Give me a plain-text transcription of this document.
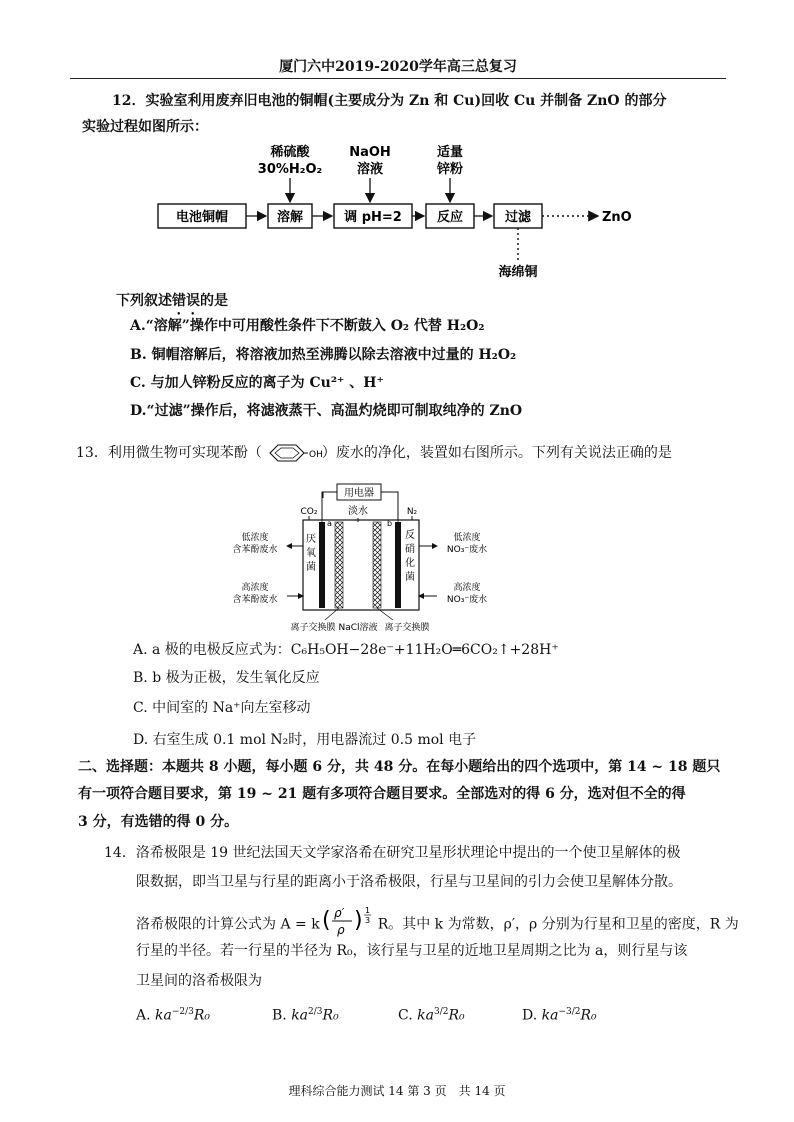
厦门六中2019-2020学年高三总复习
12．实验室利用废弃旧电池的铜帽(主要成分为 Zn 和 Cu)回收 Cu 并制备 ZnO 的部分
实验过程如图所示：
稀硫酸
30%H₂O₂
NaOH
溶液
适量
锌粉
电池铜帽	溶解	调 pH=2	反应	过滤	ZnO
海绵铜
下列叙述错误的是
A.“溶解”操作中可用酸性条件下不断鼓入 O₂ 代替 H₂O₂
B. 铜帽溶解后，将溶液加热至沸腾以除去溶液中过量的 H₂O₂
C. 与加人锌粉反应的离子为 Cu²⁺ 、H⁺
D.“过滤”操作后，将滤液蒸干、高温灼烧即可制取纯净的 ZnO
13．利用微生物可实现苯酚（	OH ）废水的净化，装置如右图所示。下列有关说法正确的是
用电器
CO₂
a
淡水
b
N₂
厌
氧
菌
反
硝
化
菌
低浓度
含苯酚废水
高浓度
含苯酚废水
低浓度
NO₃⁻废水
高浓度
NO₃⁻废水
离子交换膜 NaCl溶液 离子交换膜
A. a 极的电极反应式为：C₆H₅OH−28e⁻+11H₂O═6CO₂↑+28H⁺
B. b 极为正极，发生氧化反应
C. 中间室的 Na⁺向左室移动
D. 右室生成 0.1 mol N₂时，用电器流过 0.5 mol 电子
二、选择题：本题共 8 小题，每小题 6 分，共 48 分。在每小题给出的四个选项中，第 14 ~ 18 题只
有一项符合题目要求，第 19 ~ 21 题有多项符合题目要求。全部选对的得 6 分，选对但不全的得
3 分，有选错的得 0 分。
14．洛希极限是 19 世纪法国天文学家洛希在研究卫星形状理论中提出的一个使卫星解体的极
限数据，即当卫星与行星的距离小于洛希极限，行星与卫星间的引力会使卫星解体分散。
洛希极限的计算公式为 A = k ( ρ′
ρ ) 1
3 R。其中 k 为常数，ρ′，ρ 分别为行星和卫星的密度，R 为
行星的半径。若一行星的半径为 R₀，该行星与卫星的近地卫星周期之比为 a，则行星与该
卫星间的洛希极限为
A. $ka^{-2/3}R_0$	B. $ka^{2/3}R_0$	C. $ka^{3/2}R_0$	D. $ka^{-3/2}R_0$
理科综合能力测试 14 第 3 页　共 14 页
